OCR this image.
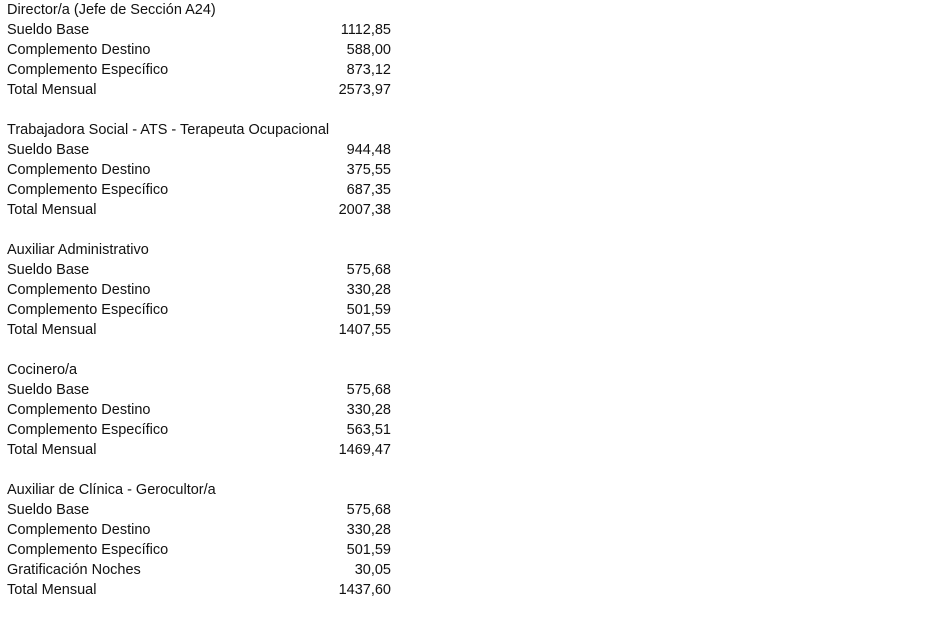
Director/a (Jefe de Sección A24)
Sueldo Base	1112,85
Complemento Destino	588,00
Complemento Específico	873,12
Total Mensual	2573,97
Trabajadora Social - ATS - Terapeuta Ocupacional
Sueldo Base	944,48
Complemento Destino	375,55
Complemento Específico	687,35
Total Mensual	2007,38
Auxiliar Administrativo
Sueldo Base	575,68
Complemento Destino	330,28
Complemento Específico	501,59
Total Mensual	1407,55
Cocinero/a
Sueldo Base	575,68
Complemento Destino	330,28
Complemento Específico	563,51
Total Mensual	1469,47
Auxiliar de Clínica - Gerocultor/a
Sueldo Base	575,68
Complemento Destino	330,28
Complemento Específico	501,59
Gratificación Noches	30,05
Total Mensual	1437,60
